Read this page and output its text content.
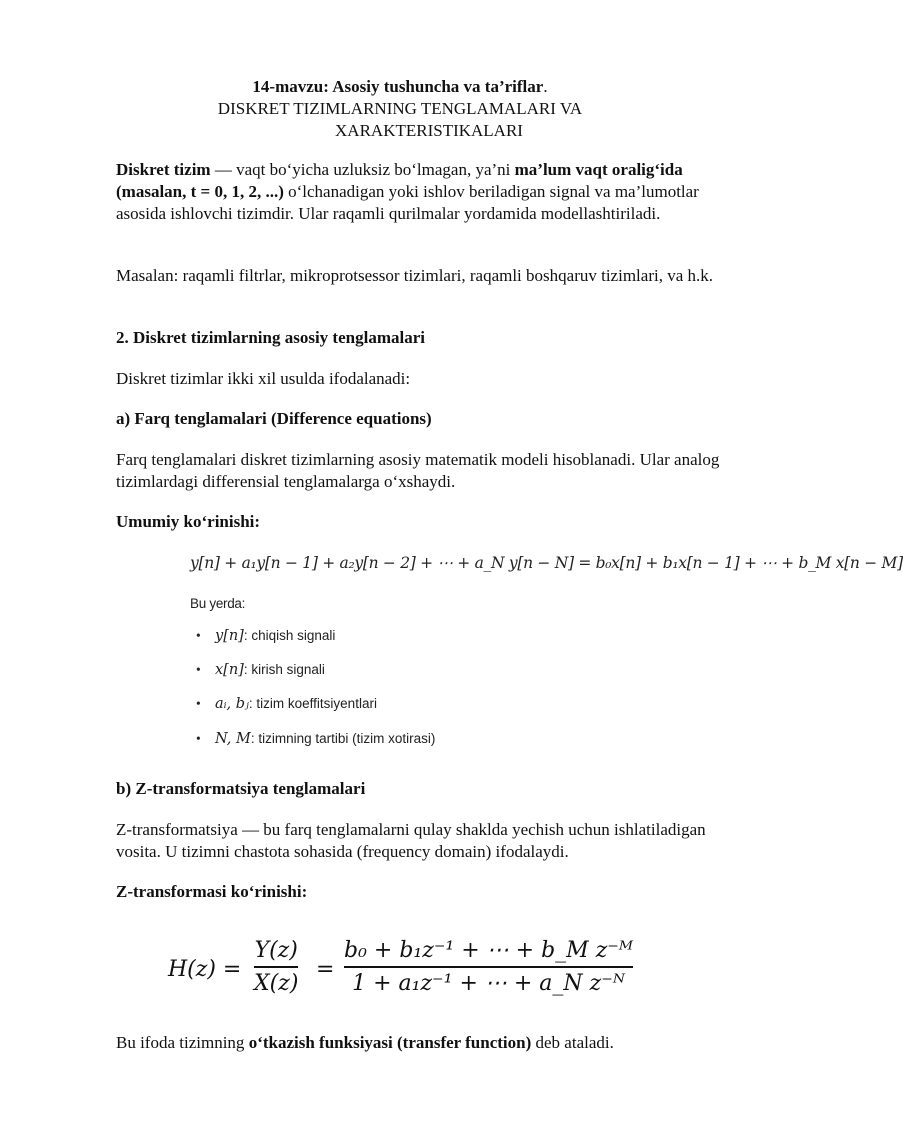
14-mavzu: Asosiy tushuncha va ta’riflar.
DISKRET TIZIMLARNING TENGLAMALARI VA
XARAKTERISTIKALARI
Diskret tizim — vaqt bo‘yicha uzluksiz bo‘lmagan, ya’ni ma’lum vaqt oralig‘ida (masalan, t = 0, 1, 2, ...) o‘lchanadigan yoki ishlov beriladigan signal va ma’lumotlar asosida ishlovchi tizimdir. Ular raqamli qurilmalar yordamida modellashtiriladi.
Masalan: raqamli filtrlar, mikroprotsessor tizimlari, raqamli boshqaruv tizimlari, va h.k.
2. Diskret tizimlarning asosiy tenglamalari
Diskret tizimlar ikki xil usulda ifodalanadi:
a) Farq tenglamalari (Difference equations)
Farq tenglamalari diskret tizimlarning asosiy matematik modeli hisoblanadi. Ular analog tizimlardagi differensial tenglamalarga o‘xshaydi.
Umumiy ko‘rinishi:
y[n] + a₁y[n − 1] + a₂y[n − 2] + ⋯ + a_N y[n − N] = b₀x[n] + b₁x[n − 1] + ⋯ + b_M x[n − M]
Bu yerda:
• y[n]: chiqish signali
• x[n]: kirish signali
• aᵢ, bⱼ: tizim koeffitsiyentlari
• N, M: tizimning tartibi (tizim xotirasi)
b) Z-transformatsiya tenglamalari
Z-transformatsiya — bu farq tenglamalarni qulay shaklda yechish uchun ishlatiladigan vosita. U tizimni chastota sohasida (frequency domain) ifodalaydi.
Z-transformasi ko‘rinishi:
H(z) =
Y(z)
X(z)
=
b₀ + b₁z⁻¹ + ⋯ + b_M z⁻ᴹ
1 + a₁z⁻¹ + ⋯ + a_N z⁻ᴺ
Bu ifoda tizimning o‘tkazish funksiyasi (transfer function) deb ataladi.
